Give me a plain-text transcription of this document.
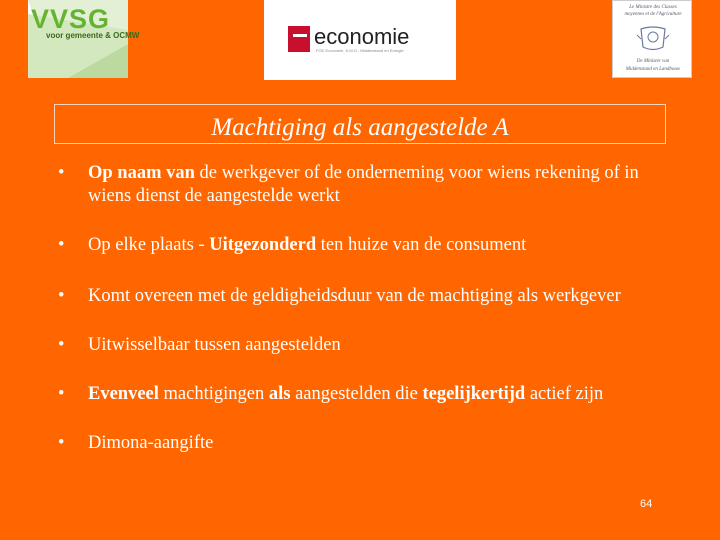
VVSG
voor gemeente & OCMW	economie
FOD Economie, K.M.O., Middenstand en Energie
Le Ministre des Classes
moyennes et de l'Agriculture
De Minister van
Middenstand en Landbouw
Machtiging als aangestelde A
• Op naam van de werkgever of de onderneming voor wiens rekening of in wiens dienst de aangestelde werkt
• Op elke plaats - Uitgezonderd ten huize van de consument
• Komt overeen met de geldigheidsduur van de machtiging als werkgever
• Uitwisselbaar tussen aangestelden
• Evenveel machtigingen als aangestelden die tegelijkertijd actief zijn
• Dimona-aangifte
64
